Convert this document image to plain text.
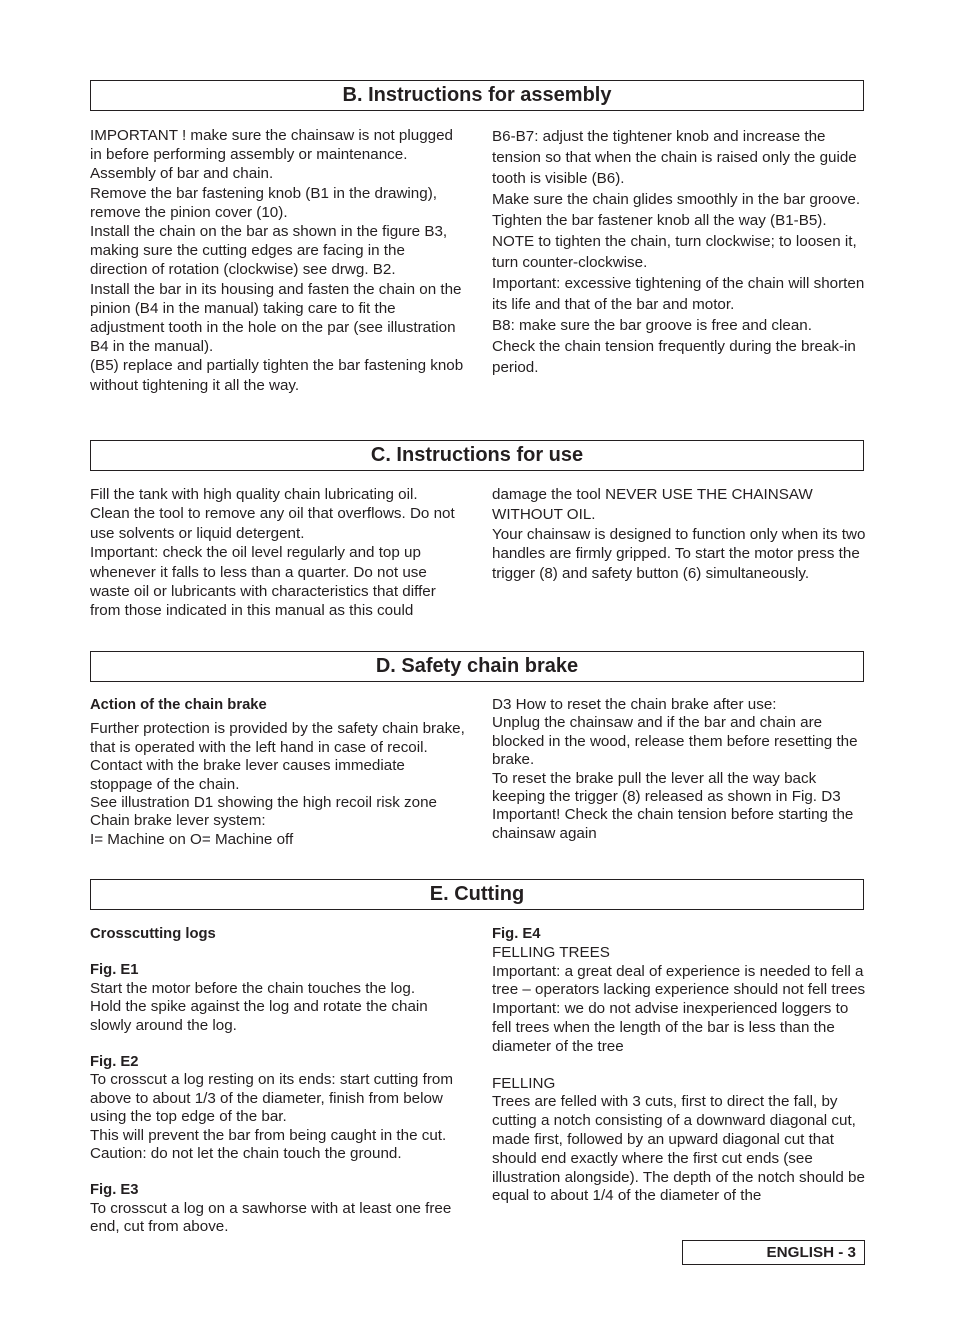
B. Instructions for assembly

IMPORTANT ! make sure the chainsaw is not plugged in before performing assembly or maintenance.

Assembly of bar and chain.

Remove the bar fastening knob (B1 in the drawing), remove the pinion cover (10).

Install the chain on the bar as shown in the figure B3, making sure the cutting edges are facing in the direction of rotation (clockwise) see drwg. B2.

Install the bar in its housing and fasten the chain on the pinion (B4 in the manual) taking care to fit the adjustment tooth in the hole on the par (see illustration B4 in the manual).

(B5) replace and partially tighten the bar fastening knob without tightening it all the way.

B6-B7: adjust the tightener knob and increase the tension so that when the chain is raised only the guide tooth is visible (B6).

Make sure the chain glides smoothly in the bar groove.

Tighten the bar fastener knob all the way (B1-B5).

NOTE to tighten the chain, turn clockwise; to loosen it, turn counter-clockwise.

Important: excessive tightening of the chain will shorten its life and that of the bar and motor.

B8: make sure the bar groove is free and clean.

Check the chain tension frequently during the break-in period.

C. Instructions for use

Fill the tank with high quality chain lubricating oil.

Clean the tool to remove any oil that overflows. Do not use solvents or liquid detergent.

Important: check the oil level regularly and top up whenever it falls to less than a quarter. Do not use waste oil or lubricants with characteristics that differ from those indicated in this manual as this could

damage the tool NEVER USE THE CHAINSAW WITHOUT OIL.

Your chainsaw is designed to function only when its two handles are firmly gripped. To start the motor press the trigger (8) and safety button (6) simultaneously.

D. Safety chain brake

Action of the chain brake

Further protection is provided by the safety chain brake, that is operated with the left hand in case of recoil. Contact with the brake lever causes immediate stoppage of the chain.

See illustration D1 showing the high recoil risk zone

Chain brake lever system:

I= Machine on O= Machine off

D3 How to reset the chain brake after use:

Unplug the chainsaw and if the bar and chain are blocked in the wood, release them before resetting the brake.

To reset the brake pull the lever all the way back keeping the trigger (8) released as shown in Fig. D3

Important! Check the chain tension before starting the chainsaw again

E. Cutting

Crosscutting logs

Fig. E1

Start the motor before the chain touches the log.

Hold the spike against the log and rotate the chain slowly around the log.

Fig. E2

To crosscut a log resting on its ends: start cutting from above to about 1/3 of the diameter, finish from below using the top edge of the bar.

This will prevent the bar from being caught in the cut.

Caution: do not let the chain touch the ground.

Fig. E3

To crosscut a log on a sawhorse with at least one free end, cut from above.

Fig. E4

FELLING TREES

Important: a great deal of experience is needed to fell a tree – operators lacking experience should not fell trees

Important: we do not advise inexperienced loggers to fell trees when the length of the bar is less than the diameter of the tree

FELLING

Trees are felled with 3 cuts, first to direct the fall, by cutting a notch consisting of a downward diagonal cut, made first, followed by an upward diagonal cut that should end exactly where the first cut ends (see illustration alongside). The depth of the notch should be equal to about 1/4 of the diameter of the

ENGLISH - 3
